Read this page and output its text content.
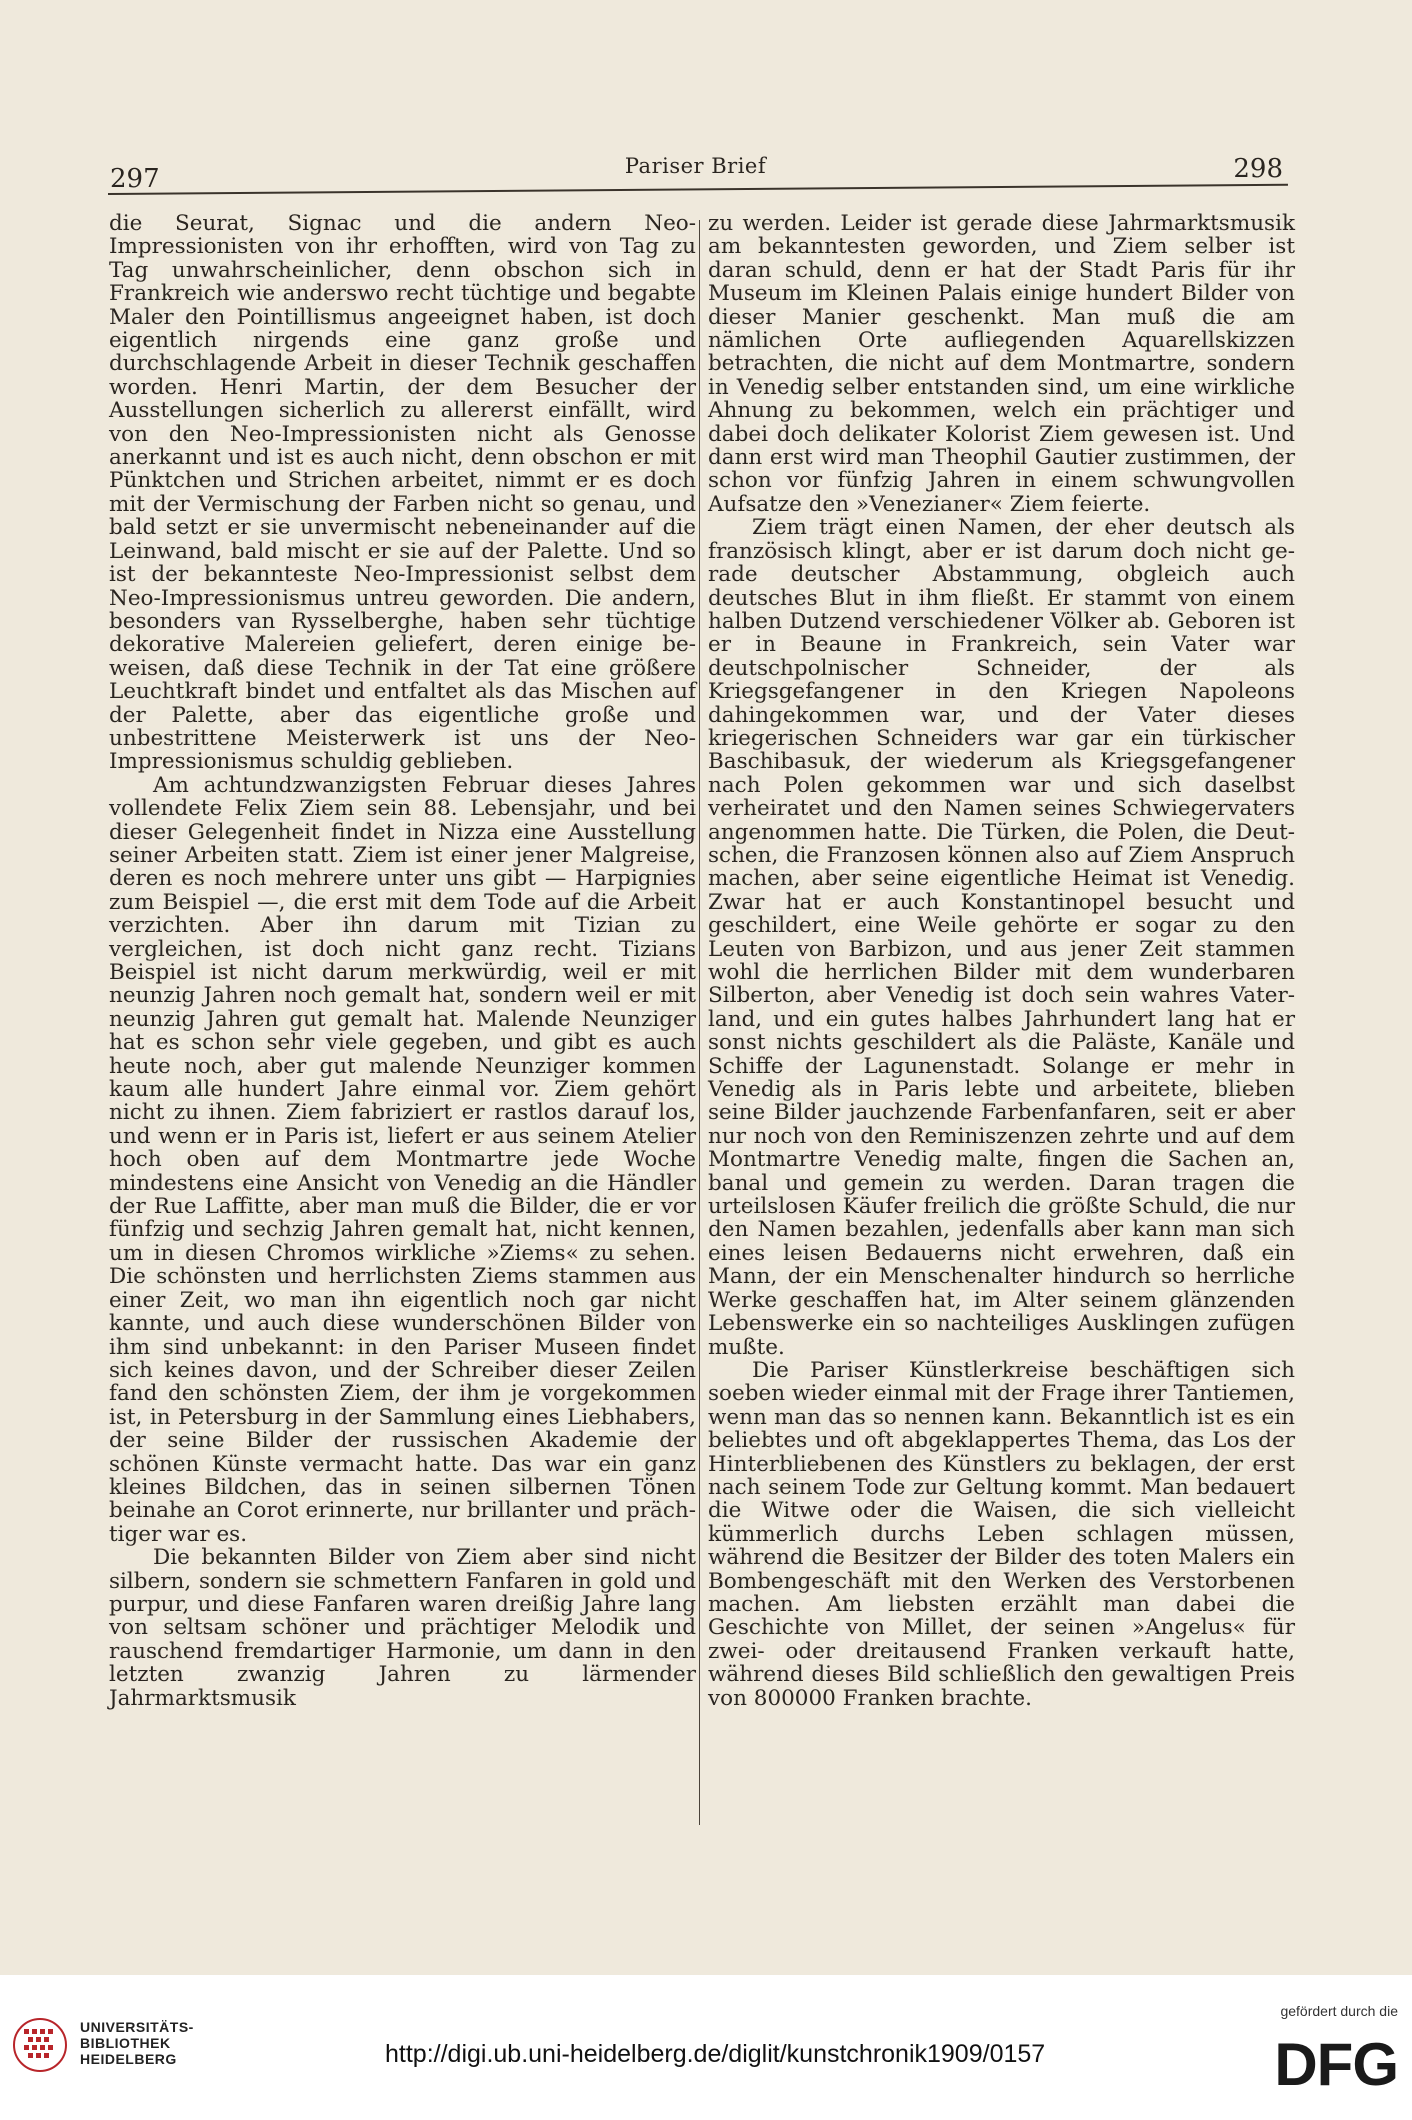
297	Pariser Brief	298

die Seurat, Signac und die andern Neo-Impressionisten von ihr erhofften, wird von Tag zu Tag unwahrscheinlicher, denn obschon sich in Frankreich wie anderswo recht tüchtige und begabte Maler den Pointillismus angeeignet haben, ist doch eigentlich nirgends eine ganz große und durchschlagende Arbeit in dieser Technik geschaffen worden. Henri Martin, der dem Besucher der Ausstellungen sicherlich zu allererst einfällt, wird von den Neo-Impressionisten nicht als Genosse anerkannt und ist es auch nicht, denn obschon er mit Pünktchen und Strichen arbeitet, nimmt er es doch mit der Vermischung der Farben nicht so genau, und bald setzt er sie unvermischt nebeneinander auf die Leinwand, bald mischt er sie auf der Palette. Und so ist der bekannteste Neo-Impressionist selbst dem Neo-Impressionismus untreu geworden. Die andern, besonders van Rysselberghe, haben sehr tüchtige dekorative Malereien geliefert, deren einige beweisen, daß diese Technik in der Tat eine größere Leuchtkraft bindet und entfaltet als das Mischen auf der Palette, aber das eigentliche große und unbestrittene Meisterwerk ist uns der Neo-Impressionismus schuldig geblieben.

Am achtundzwanzigsten Februar dieses Jahres vollendete Felix Ziem sein 88. Lebensjahr, und bei dieser Gelegenheit findet in Nizza eine Ausstellung seiner Arbeiten statt. Ziem ist einer jener Malgreise, deren es noch mehrere unter uns gibt — Harpignies zum Beispiel —, die erst mit dem Tode auf die Arbeit verzichten. Aber ihn darum mit Tizian zu vergleichen, ist doch nicht ganz recht. Tizians Beispiel ist nicht darum merkwürdig, weil er mit neunzig Jahren noch gemalt hat, sondern weil er mit neunzig Jahren gut gemalt hat. Malende Neunziger hat es schon sehr viele gegeben, und gibt es auch heute noch, aber gut malende Neunziger kommen kaum alle hundert Jahre einmal vor. Ziem gehört nicht zu ihnen. Ziem fabriziert er rastlos darauf los, und wenn er in Paris ist, liefert er aus seinem Atelier hoch oben auf dem Montmartre jede Woche mindestens eine Ansicht von Venedig an die Händler der Rue Laffitte, aber man muß die Bilder, die er vor fünfzig und sechzig Jahren gemalt hat, nicht kennen, um in diesen Chromos wirkliche »Ziems« zu sehen. Die schönsten und herrlichsten Ziems stammen aus einer Zeit, wo man ihn eigentlich noch gar nicht kannte, und auch diese wunderschönen Bilder von ihm sind unbekannt: in den Pariser Museen findet sich keines davon, und der Schreiber dieser Zeilen fand den schönsten Ziem, der ihm je vorgekommen ist, in Petersburg in der Sammlung eines Liebhabers, der seine Bilder der russischen Akademie der schönen Künste vermacht hatte. Das war ein ganz kleines Bildchen, das in seinen silbernen Tönen beinahe an Corot erinnerte, nur brillanter und prächtiger war es.

Die bekannten Bilder von Ziem aber sind nicht silbern, sondern sie schmettern Fanfaren in gold und purpur, und diese Fanfaren waren dreißig Jahre lang von seltsam schöner und prächtiger Melodik und rauschend fremdartiger Harmonie, um dann in den letzten zwanzig Jahren zu lärmender Jahrmarktsmusik

zu werden. Leider ist gerade diese Jahrmarktsmusik am bekanntesten geworden, und Ziem selber ist daran schuld, denn er hat der Stadt Paris für ihr Museum im Kleinen Palais einige hundert Bilder von dieser Manier geschenkt. Man muß die am nämlichen Orte aufliegenden Aquarellskizzen betrachten, die nicht auf dem Montmartre, sondern in Venedig selber entstanden sind, um eine wirkliche Ahnung zu bekommen, welch ein prächtiger und dabei doch delikater Kolorist Ziem gewesen ist. Und dann erst wird man Theophil Gautier zustimmen, der schon vor fünfzig Jahren in einem schwungvollen Aufsatze den »Venezianer« Ziem feierte.

Ziem trägt einen Namen, der eher deutsch als französisch klingt, aber er ist darum doch nicht gerade deutscher Abstammung, obgleich auch deutsches Blut in ihm fließt. Er stammt von einem halben Dutzend verschiedener Völker ab. Geboren ist er in Beaune in Frankreich, sein Vater war deutschpolnischer Schneider, der als Kriegsgefangener in den Kriegen Napoleons dahingekommen war, und der Vater dieses kriegerischen Schneiders war gar ein türkischer Baschibasuk, der wiederum als Kriegsgefangener nach Polen gekommen war und sich daselbst verheiratet und den Namen seines Schwiegervaters angenommen hatte. Die Türken, die Polen, die Deutschen, die Franzosen können also auf Ziem Anspruch machen, aber seine eigentliche Heimat ist Venedig. Zwar hat er auch Konstantinopel besucht und geschildert, eine Weile gehörte er sogar zu den Leuten von Barbizon, und aus jener Zeit stammen wohl die herrlichen Bilder mit dem wunderbaren Silberton, aber Venedig ist doch sein wahres Vaterland, und ein gutes halbes Jahrhundert lang hat er sonst nichts geschildert als die Paläste, Kanäle und Schiffe der Lagunenstadt. Solange er mehr in Venedig als in Paris lebte und arbeitete, blieben seine Bilder jauchzende Farbenfanfaren, seit er aber nur noch von den Reminiszenzen zehrte und auf dem Montmartre Venedig malte, fingen die Sachen an, banal und gemein zu werden. Daran tragen die urteilslosen Käufer freilich die größte Schuld, die nur den Namen bezahlen, jedenfalls aber kann man sich eines leisen Bedauerns nicht erwehren, daß ein Mann, der ein Menschenalter hindurch so herrliche Werke geschaffen hat, im Alter seinem glänzenden Lebenswerke ein so nachteiliges Ausklingen zufügen mußte.

Die Pariser Künstlerkreise beschäftigen sich soeben wieder einmal mit der Frage ihrer Tantiemen, wenn man das so nennen kann. Bekanntlich ist es ein beliebtes und oft abgeklappertes Thema, das Los der Hinterbliebenen des Künstlers zu beklagen, der erst nach seinem Tode zur Geltung kommt. Man bedauert die Witwe oder die Waisen, die sich vielleicht kümmerlich durchs Leben schlagen müssen, während die Besitzer der Bilder des toten Malers ein Bombengeschäft mit den Werken des Verstorbenen machen. Am liebsten erzählt man dabei die Geschichte von Millet, der seinen »Angelus« für zwei- oder dreitausend Franken verkauft hatte, während dieses Bild schließlich den gewaltigen Preis von 800000 Franken brachte.

UNIVERSITÄTS-
BIBLIOTHEK
HEIDELBERG	http://digi.ub.uni-heidelberg.de/diglit/kunstchronik1909/0157
gefördert durch die
DFG
